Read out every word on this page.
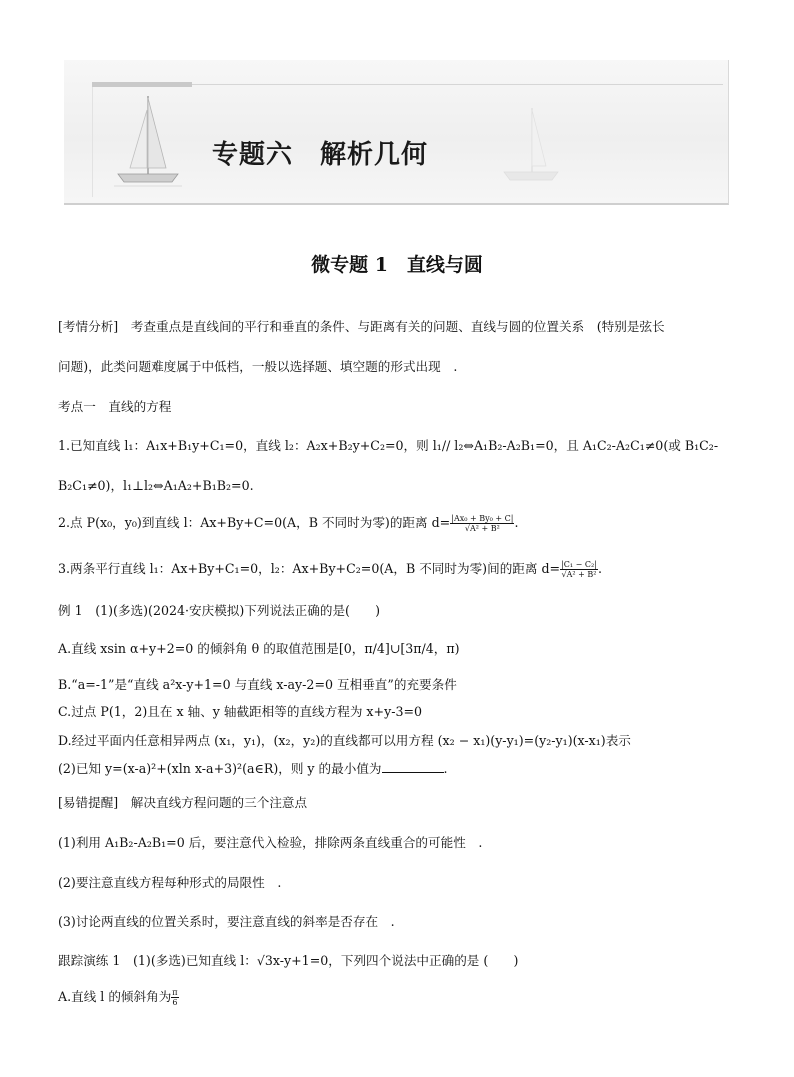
专题六　解析几何
微专题 1　直线与圆
[考情分析]　考查重点是直线间的平行和垂直的条件、与距离有关的问题、直线与圆的位置关系　(特别是弦长
问题)，此类问题难度属于中低档，一般以选择题、填空题的形式出现　.
考点一　直线的方程
1.已知直线 l₁：A₁x+B₁y+C₁=0，直线 l₂：A₂x+B₂y+C₂=0，则 l₁// l₂⇔A₁B₂-A₂B₁=0，且 A₁C₂-A₂C₁≠0(或 B₁C₂-
B₂C₁≠0)，l₁⊥l₂⇔A₁A₂+B₁B₂=0.
2.点 P(x₀，y₀)到直线 l：Ax+By+C=0(A，B 不同时为零)的距离 $d= \frac{\text{|Ax₀ + By₀ + C|}}{\text{√A² + B²}}$ .
3.两条平行直线 l₁：Ax+By+C₁=0，l₂：Ax+By+C₂=0(A，B 不同时为零)间的距离 $d= \frac{\text{|C₁ − C₂|}}{\text{√A² + B²}}$ .
例 1　(1)(多选)(2024·安庆模拟)下列说法正确的是(　　)
A.直线 xsin α+y+2=0 的倾斜角 θ 的取值范围是[0，π/4]∪[3π/4，π)
B.“a=-1”是“直线 a²x-y+1=0 与直线 x-ay-2=0 互相垂直”的充要条件
C.过点 P(1，2)且在 x 轴、y 轴截距相等的直线方程为 x+y-3=0
D.经过平面内任意相异两点 (x₁，y₁)，(x₂，y₂)的直线都可以用方程 (x₂ − x₁)(y-y₁)=(y₂-y₁)(x-x₁)表示
(2)已知 y=(x-a)²+(xln x-a+3)²(a∈R)，则 y 的最小值为	.
[易错提醒]　解决直线方程问题的三个注意点
(1)利用 A₁B₂-A₂B₁=0 后，要注意代入检验，排除两条直线重合的可能性　.
(2)要注意直线方程每种形式的局限性　.
(3)讨论两直线的位置关系时，要注意直线的斜率是否存在　.
跟踪演练 1　(1)(多选)已知直线 l：√3x-y+1=0，下列四个说法中正确的是 (　　)
A.直线 l 的倾斜角为 $\frac{\pi}{6}$
